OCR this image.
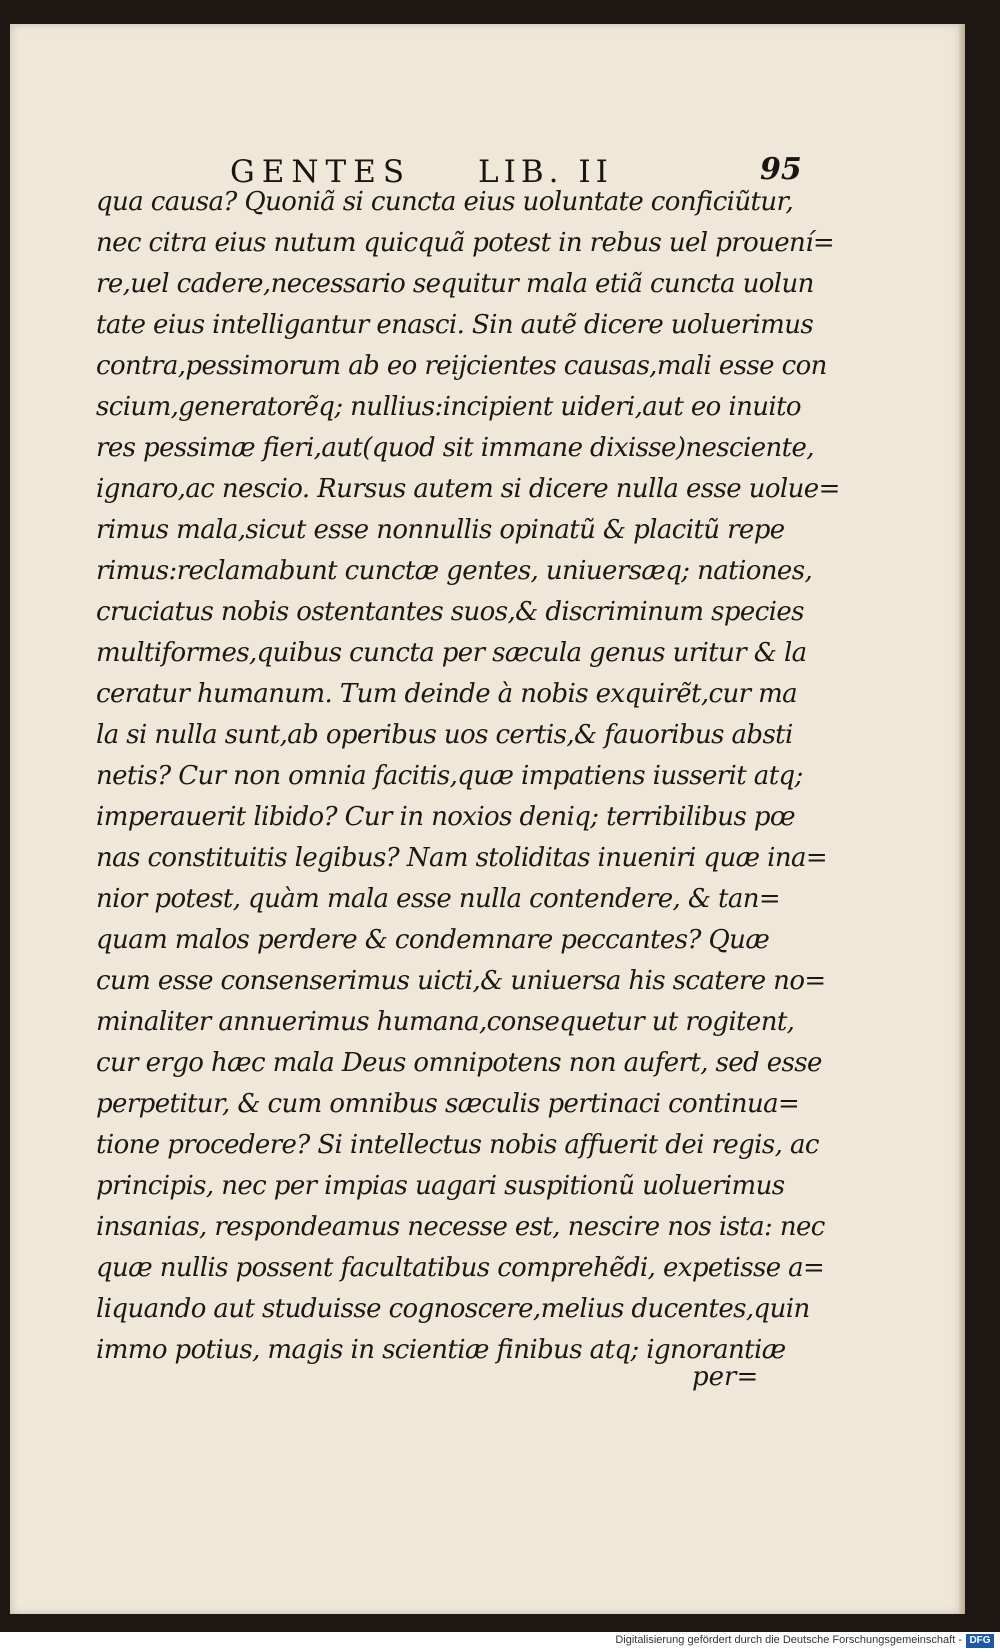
GENTES LIB. II	95
qua causa? Quoniã si cuncta eius uoluntate conficiũtur,
nec citra eius nutum quicquã potest in rebus uel prouení=
re,uel cadere,necessario sequitur mala etiã cuncta uolun
tate eius intelligantur enasci. Sin autẽ dicere uoluerimus
contra,pessimorum ab eo reijcientes causas,mali esse con
scium,generatorẽq; nullius:incipient uideri,aut eo inuito
res pessimæ fieri,aut(quod sit immane dixisse)nesciente,
ignaro,ac nescio. Rursus autem si dicere nulla esse uolue=
rimus mala,sicut esse nonnullis opinatũ & placitũ repe
rimus:reclamabunt cunctæ gentes, uniuersæq; nationes,
cruciatus nobis ostentantes suos,& discriminum species
multiformes,quibus cuncta per sæcula genus uritur & la
ceratur humanum. Tum deinde à nobis exquirẽt,cur ma
la si nulla sunt,ab operibus uos certis,& fauoribus absti
netis? Cur non omnia facitis,quæ impatiens iusserit atq;
imperauerit libido? Cur in noxios deniq; terribilibus pœ
nas constituitis legibus? Nam stoliditas inueniri quæ ina=
nior potest, quàm mala esse nulla contendere, & tan=
quam malos perdere & condemnare peccantes? Quæ
cum esse consenserimus uicti,& uniuersa his scatere no=
minaliter annuerimus humana,consequetur ut rogitent,
cur ergo hæc mala Deus omnipotens non aufert, sed esse
perpetitur, & cum omnibus sæculis pertinaci continua=
tione procedere? Si intellectus nobis affuerit dei regis, ac
principis, nec per impias uagari suspitionũ uoluerimus
insanias, respondeamus necesse est, nescire nos ista: nec
quæ nullis possent facultatibus comprehẽdi, expetisse a=
liquando aut studuisse cognoscere,melius ducentes,quin
immo potius, magis in scientiæ finibus atq; ignorantiæ
per=
Digitalisierung gefördert durch die Deutsche Forschungsgemeinschaft - DFG
